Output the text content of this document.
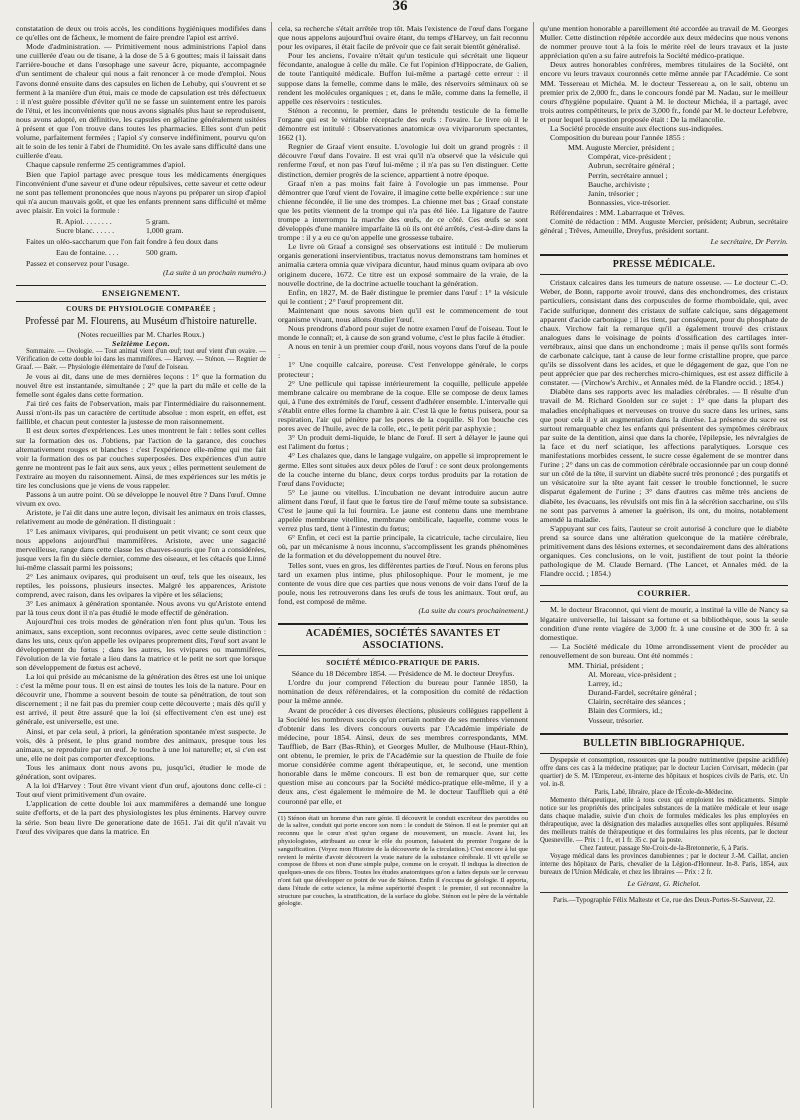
36

constatation de deux ou trois accès, les conditions hygiéniques modifiées dans ce qu'elles ont de fâcheux, le moment de faire prendre l'apiol est arrivé.

Mode d'administration. — Primitivement nous administrions l'apiol dans une cuillerée d'eau ou de tisane, à la dose de 5 à 6 gouttes; mais il laissait dans l'arrière-bouche et dans l'œsophage une saveur âcre, piquante, accompagnée d'un sentiment de chaleur qui nous a fait renoncer à ce mode d'emploi. Nous l'avons donné ensuite dans des capsules en lichen de Lehuby, qui s'ouvrent et se ferment à la manière d'un étui, mais ce mode de capsulation est très défectueux : il n'est guère possible d'éviter qu'il ne se fasse un suintement entre les parois de l'étui, et les inconvénients que nous avons signalés plus haut se reproduisent, nous avons adopté, en définitive, les capsules en gélatine généralement usitées à présent et que l'on trouve dans toutes les pharmacies. Elles sont d'un petit volume, parfaitement fermées ; l'apiol s'y conserve indéfiniment, pourvu qu'on ait le soin de les tenir à l'abri de l'humidité. On les avale sans difficulté dans une cuillerée d'eau.

Chaque capsule renferme 25 centigrammes d'apiol.

Bien que l'apiol partage avec presque tous les médicaments énergiques l'inconvénient d'une saveur et d'une odeur répulsives, cette saveur et cette odeur ne sont pas tellement prononcées que nous n'ayons pu préparer un sirop d'apiol qui n'a aucun mauvais goût, et que les enfants prennent sans difficulté et même avec plaisir. En voici la formule :

R. Apiol. . . . . . . .	5 gram.
Sucre blanc. . . . . .	1,000 gram.

Faites un oléo-saccharum que l'on fait fondre à feu doux dans

Eau de fontaine. . . .	500 gram.

Passez et conservez pour l'usage.

(La suite à un prochain numéro.)
ENSEIGNEMENT.
COURS DE PHYSIOLOGIE COMPARÉE ;
Professé par M. Flourens, au Muséum d'histoire naturelle.
(Notes recueillies par M. Charles Roux.)
Seizième Leçon.

Sommaire. — Ovologie. — Tout animal vient d'un œuf; tout œuf vient d'un ovaire. — Vérification de cette double loi dans les mammifères. — Harvey. — Sténon. — Regnier de Graaf. — Baër. — Physiologie élémentaire de l'œuf de l'oiseau.

Je vous ai dit, dans une de mes dernières leçons : 1° que la formation du nouvel être est instantanée, simultanée ; 2° que la part du mâle et celle de la femelle sont égales dans cette formation.

J'ai tiré ces faits de l'observation, mais par l'intermédiaire du raisonnement. Aussi n'ont-ils pas un caractère de certitude absolue : mon esprit, en effet, est faillible, et chacun peut contester la justesse de mon raisonnement.

Il est deux sortes d'expériences. Les unes montrent le fait : telles sont celles sur la formation des os. J'obtiens, par l'action de la garance, des couches alternativement rouges et blanches : c'est l'expérience elle-même qui me fait voir la formation des os par couches superposées. Des expériences d'un autre genre ne montrent pas le fait aux sens, aux yeux ; elles permettent seulement de l'extraire au moyen du raisonnement. Ainsi, de mes expériences sur les métis je tire les conclusions que je viens de vous rappeler.

Passons à un autre point. Où se développe le nouvel être ? Dans l'œuf. Omne vivum ex ovo.

Aristote, je l'ai dit dans une autre leçon, divisait les animaux en trois classes, relativement au mode de génération. Il distinguait :

1° Les animaux vivipares, qui produisent un petit vivant; ce sont ceux que nous appelons aujourd'hui mammifères. Aristote, avec une sagacité merveilleuse, range dans cette classe les chauves-souris que l'on a considérées, jusque vers la fin du siècle dernier, comme des oiseaux, et les cétacés que Linné lui-même classait parmi les poissons;

2° Les animaux ovipares, qui produisent un œuf, tels que les oiseaux, les reptiles, les poissons, plusieurs insectes. Malgré les apparences, Aristote comprend, avec raison, dans les ovipares la vipère et les sélaciens;

3° Les animaux à génération spontanée. Nous avons vu qu'Aristote entend par là tous ceux dont il n'a pas étudié le mode effectif de génération.

Aujourd'hui ces trois modes de génération n'en font plus qu'un. Tous les animaux, sans exception, sont reconnus ovipares, avec cette seule distinction : dans les uns, ceux qu'on appelle les ovipares proprement dits, l'œuf sort avant le développement du fœtus ; dans les autres, les vivipares ou mammifères, l'évolution de la vie fœtale a lieu dans la matrice et le petit ne sort que lorsque son développement de fœtus est achevé.

La loi qui préside au mécanisme de la génération des êtres est une loi unique : c'est la même pour tous. Il en est ainsi de toutes les lois de la nature. Pour en découvrir une, l'homme a souvent besoin de toute sa pénétration, de tout son discernement ; il ne fait pas du premier coup cette découverte ; mais dès qu'il y est arrivé, il peut être assuré que la loi (si effectivement c'en est une) est générale, est universelle, est une.

Ainsi, et par cela seul, à priori, la génération spontanée m'est suspecte. Je vois, dès à présent, le plus grand nombre des animaux, presque tous les animaux, se reproduire par un œuf. Je touche à une loi naturelle; et, si c'en est une, elle ne doit pas comporter d'exceptions.

Tous les animaux dont nous avons pu, jusqu'ici, étudier le mode de génération, sont ovipares.

A la loi d'Harvey : Tout être vivant vient d'un œuf, ajoutons donc celle-ci : Tout œuf vient primitivement d'un ovaire.

L'application de cette double loi aux mammifères a demandé une longue suite d'efforts, et de la part des physiologistes les plus éminents. Harvey ouvre la série. Son beau livre De generatione date de 1651. J'ai dit qu'il n'avait vu l'œuf des vivipares que dans la matrice. En

cela, sa recherche s'était arrêtée trop tôt. Mais l'existence de l'œuf dans l'organe que nous appelons aujourd'hui ovaire étant, du temps d'Harvey, un fait reconnu pour les ovipares, il était facile de prévoir que ce fait serait bientôt généralisé.

Pour les anciens, l'ovaire n'était qu'un testicule qui sécrétait une liqueur fécondante, analogue à celle du mâle. Ce fut l'opinion d'Hippocrate, de Galien, de toute l'antiquité médicale. Buffon lui-même a partagé cette erreur : il suppose dans la femelle, comme dans le mâle, des réservoirs séminaux où se rendent les molécules organiques ; et, dans le mâle, comme dans la femelle, il appelle ces réservoirs : testicules.

Sténon a reconnu, le premier, dans le prétendu testicule de la femelle l'organe qui est le véritable réceptacle des œufs : l'ovaire. Le livre où il le démontre est intitulé : Observationes anatomicæ ova viviparorum spectantes, 1662 (1).

Regnier de Graaf vient ensuite. L'ovologie lui doit un grand progrès : il découvre l'œuf dans l'ovaire. Il est vrai qu'il n'a observé que la vésicule qui renferme l'œuf, et non pas l'œuf lui-même ; il n'a pas su l'en distinguer. Cette distinction, dernier progrès de la science, appartient à notre époque.

Graaf n'en a pas moins fait faire à l'ovologie un pas immense. Pour démontrer que l'œuf vient de l'ovaire, il imagine cette belle expérience : sur une chienne fécondée, il lie une des trompes. La chienne met bas ; Graaf constate que les petits viennent de la trompe qui n'a pas été liée. La ligature de l'autre trompe a interrompu la marche des œufs, de ce côté. Ces œufs se sont développés d'une manière imparfaite là où ils ont été arrêtés, c'est-à-dire dans la trompe : il y a eu ce qu'on appelle une grossesse tubaire.

Le livre où Graaf a consigné ses observations est intitulé : De mulierum organis generationi inservientibus, tractatus novus demonstrans tam homines et animalia cætera omnia quæ vivipara dicuntur, haud minus quam ovipara ab ovo originem ducere, 1672. Ce titre est un exposé sommaire de la vraie, de la nouvelle doctrine, de la doctrine actuelle touchant la génération.

Enfin, en 1827, M. de Baër distingue le premier dans l'œuf : 1° la vésicule qui le contient ; 2° l'œuf proprement dit.

Maintenant que nous savons bien qu'il est le commencement de tout organisme vivant, nous allons étudier l'œuf.

Nous prendrons d'abord pour sujet de notre examen l'œuf de l'oiseau. Tout le monde le connaît; et, à cause de son grand volume, c'est le plus facile à étudier.

A nous en tenir à un premier coup d'œil, nous voyons dans l'œuf de la poule :

1° Une coquille calcaire, poreuse. C'est l'enveloppe générale, le corps protecteur ;

2° Une pellicule qui tapisse intérieurement la coquille, pellicule appelée membrane calcaire ou membrane de la coque. Elle se compose de deux lames qui, à l'une des extrémités de l'œuf, cessent d'adhérer ensemble. L'intervalle qui s'établit entre elles forme la chambre à air. C'est là que le fœtus puisera, pour sa respiration, l'air qui pénètre par les pores de la coquille. Si l'on bouche ces pores avec de l'huile, avec de la colle, etc., le petit périt par asphyxie ;

3° Un produit demi-liquide, le blanc de l'œuf. Il sert à délayer le jaune qui est l'aliment du fœtus ;

4° Les chalazes que, dans le langage vulgaire, on appelle si improprement le germe. Elles sont situées aux deux pôles de l'œuf : ce sont deux prolongements de la couche interne du blanc, deux corps tordus produits par la rotation de l'œuf dans l'oviducte;

5° Le jaune ou vitellus. L'incubation ne devant introduire aucun autre aliment dans l'œuf, il faut que le fœtus tire de l'œuf même toute sa subsistance. C'est le jaune qui la lui fournira. Le jaune est contenu dans une membrane appelée membrane vitelline, membrane ombilicale, laquelle, comme vous le verrez plus tard, tient à l'intestin du fœtus;

6° Enfin, et ceci est la partie principale, la cicatricule, tache circulaire, lieu où, par un mécanisme à nous inconnu, s'accomplissent les grands phénomènes de la formation et du développement du nouvel être.

Telles sont, vues en gros, les différentes parties de l'œuf. Nous en ferons plus tard un examen plus intime, plus philosophique. Pour le moment, je me contente de vous dire que ces parties que nous venons de voir dans l'œuf de la poule, nous les retrouverons dans les œufs de tous les animaux. Tout œuf, au fond, est composé de même.

(La suite du cours prochainement.)
ACADÉMIES, SOCIÉTÉS SAVANTES ET ASSOCIATIONS.
SOCIÉTÉ MÉDICO-PRATIQUE DE PARIS.
Séance du 18 Décembre 1854. — Présidence de M. le docteur Dreyfus.

L'ordre du jour comprend l'élection du bureau pour l'année 1850, la nomination de deux référendaires, et la composition du comité de rédaction pour la même année.

Avant de procéder à ces diverses élections, plusieurs collègues rappellent à la Société les nombreux succès qu'un certain nombre de ses membres viennent d'obtenir dans les divers concours ouverts par l'Académie impériale de médecine, pour 1854. Ainsi, deux de ses membres correspondants, MM. Taufflieb, de Barr (Bas-Rhin), et Georges Muller, de Mulhouse (Haut-Rhin), ont obtenu, le premier, le prix de l'Académie sur la question de l'huile de foie morue considérée comme agent thérapeutique, et, le second, une mention honorable dans le même concours. Il est bon de remarquer que, sur cette question mise au concours par la Société médico-pratique elle-même, il y a deux ans, c'est également le mémoire de M. le docteur Taufflieb qui a été couronné par elle, et

(1) Sténon était un homme d'un rare génie. Il découvrit le conduit excréteur des parotides ou de la salive, conduit qui porte encore son nom : le conduit de Sténon. Il est le premier qui ait reconnu que le cœur n'est qu'un organe de mouvement, un muscle. Avant lui, les physiologistes, attribuant au cœur le rôle du poumon, faisaient du premier l'organe de la sanguification. (Voyez mon Histoire de la découverte de la circulation.) C'est encore à lui que revient le mérite d'avoir découvert la vraie nature de la substance cérébrale. Il vit qu'elle se compose de fibres et non d'une simple pulpe, comme on le croyait. Il indiqua la direction de quelques-unes de ces fibres. Toutes les études anatomiques qu'on a faites depuis sur le cerveau n'ont fait que développer ce point de vue de Sténon. Enfin il s'occupa de géologie. Il apporta, dans l'étude de cette science, la même supériorité d'esprit : le premier, il sut reconnaître la structure par couches, la stratification, de la surface du globe. Sténon est le père de la véritable géologie.

qu'une mention honorable a pareillement été accordée au travail de M. Georges Muller. Cette distinction répétée accordée aux deux médecins que nous venons de nommer prouve tout à la fois le mérite réel de leurs travaux et la juste appréciation qu'en a su faire autrefois la Société médico-pratique.

Deux autres honorables confrères, membres titulaires de la Société, ont encore vu leurs travaux couronnés cette même année par l'Académie. Ce sont MM. Tessereau et Michéa. M. le docteur Tessereau a, on le sait, obtenu un premier prix de 2,000 fr., dans le concours fondé par M. Nadau, sur le meilleur cours d'hygiène populaire. Quant à M. le docteur Michéa, il a partagé, avec trois autres compétiteurs, le prix de 3,000 fr., fondé par M. le docteur Lefebvre, et pour lequel la question proposée était : De la mélancolie.

La Société procède ensuite aux élections sus-indiquées.

Composition du bureau pour l'année 1855 :

MM. Auguste Mercier, président ;
Compérat, vice-président ;
Aubrun, secrétaire général ;
Perrin, secrétaire annuel ;
Bauche, archiviste ;
Janin, trésorier ;
Bonnassies, vice-trésorier.

Référendaires : MM. Labarraque et Trêves.

Comité de rédaction : MM. Auguste Mercier, président; Aubrun, secrétaire général ; Trêves, Ameuille, Dreyfus, président sortant.

Le secrétaire, Dr Perrin.
PRESSE MÉDICALE.

Cristaux calcaires dans les tumeurs de nature osseuse. — Le docteur C.-O. Weber, de Bonn, rapporte avoir trouvé, dans des enchondromes, des cristaux particuliers, consistant dans des corpuscules de forme rhomboïdale, qui, avec l'acide sulfurique, donnent des cristaux de sulfate calcique, sans dégagement apparent d'acide carbonique ; il les tient, par conséquent, pour du phosphate de chaux. Virchow fait la remarque qu'il a également trouvé des cristaux analogues dans le voisinage de points d'ossification des cartilages inter-vertébraux, ainsi que dans un enchondrome ; mais il pense qu'ils sont formés de carbonate calcique, tant à cause de leur forme cristalline propre, que parce qu'ils se dissolvent dans les acides, et que le dégagement de gaz, que l'on ne peut apprécier que par des recherches micro-chimiques, est est assez difficile à constater. — (Virchow's Archiv., et Annales méd. de la Flandre occid. ; 1854.)

Diabète dans ses rapports avec les maladies cérébrales. — Il résulte d'un travail de M. Richard Goolden sur ce sujet : 1° que dans la plupart des maladies encéphaliques et nerveuses on trouve du sucre dans les urines, sans que pour cela il y ait augmentation dans la diurèse. La présence du sucre est surtout remarquable chez les enfants qui présentent des symptômes cérébraux par suite de la dentition, ainsi que dans la chorée, l'épilepsie, les névralgies de la face et du nerf sciatique, les affections paralytiques. Lorsque ces manifestations morbides cessent, le sucre cesse également de se montrer dans l'urine ; 2° dans un cas de commotion cérébrale occasionnée par un coup donné sur un côté de la tête, il survint un diabète sucré très prononcé ; des purgatifs et un vésicatoire sur la tête ayant fait cesser le trouble fonctionnel, le sucre disparut également de l'urine ; 3° dans d'autres cas même très anciens de diabète, les évacuans, les révulsifs ont mis fin à la sécrétion saccharine, ou s'ils ne sont pas parvenus à amener la guérison, ils ont, du moins, notablement amendé la maladie.

S'appuyant sur ces faits, l'auteur se croit autorisé à conclure que le diabète prend sa source dans une altération quelconque de la matière cérébrale, primitivement dans des lésions externes, et secondairement dans des altérations organiques. Ces conclusions, on le voit, justifient de tout point la théorie pathologique de M. Claude Bernard. (The Lancet, et Annales méd. de la Flandre occid. ; 1854.)

COURRIER.

M. le docteur Braconnot, qui vient de mourir, a institué la ville de Nancy sa légataire universelle, lui laissant sa fortune et sa bibliothèque, sous la seule condition d'une rente viagère de 3,000 fr. à une cousine et de 300 fr. à sa domestique.

— La Société médicale du 10me arrondissement vient de procéder au renouvellement de son bureau. Ont été nommés :

MM. Thirial, président ;
Al. Moreau, vice-président ;
Larrey, id.;
Durand-Fardel, secrétaire général ;
Clairin, secrétaire des séances ;
Blain des Cormiers, id.;
Vosseur, trésorier.
BULLETIN BIBLIOGRAPHIQUE.

Dyspepsie et consomption, ressources que la poudre nutrimentive (pepsine acidifiée) offre dans ces cas à la médecine pratique; par le docteur Lucien Corvisart, médecin (par quartier) de S. M. l'Empereur, ex-interne des hôpitaux et hospices civils de Paris, etc. Un vol. in-8.

Paris, Labé, libraire, place de l'École-de-Médecine.

Memento thérapeutique, utile à tous ceux qui emploient les médicaments. Simple notice sur les propriétés des principales substances de la matière médicale et leur usage dans chaque maladie, suivie d'un choix de formules médicales les plus employées en thérapeutique, avec la désignation des maladies auxquelles elles sont appliquées. Résumé des meilleurs traités de thérapeutique et des formulaires les plus récents, par le docteur Quesneville. — Prix : 1 fr., et 1 fr. 35 c. par la poste.

Chez l'auteur, passage Ste-Croix-de-la-Bretonnerie, 6, à Paris.

Voyage médical dans les provinces danubiennes ; par le docteur J.-M. Caillat, ancien interne des hôpitaux de Paris, chevalier de la Légion-d'Honneur. In-8. Paris, 1854, aux bureaux de l'Union Médicale, et chez les libraires — Prix : 2 fr.

Le Gérant, G. Richelot.
Paris.—Typographie Félix Malteste et Ce, rue des Deux-Portes-St-Sauveur, 22.
